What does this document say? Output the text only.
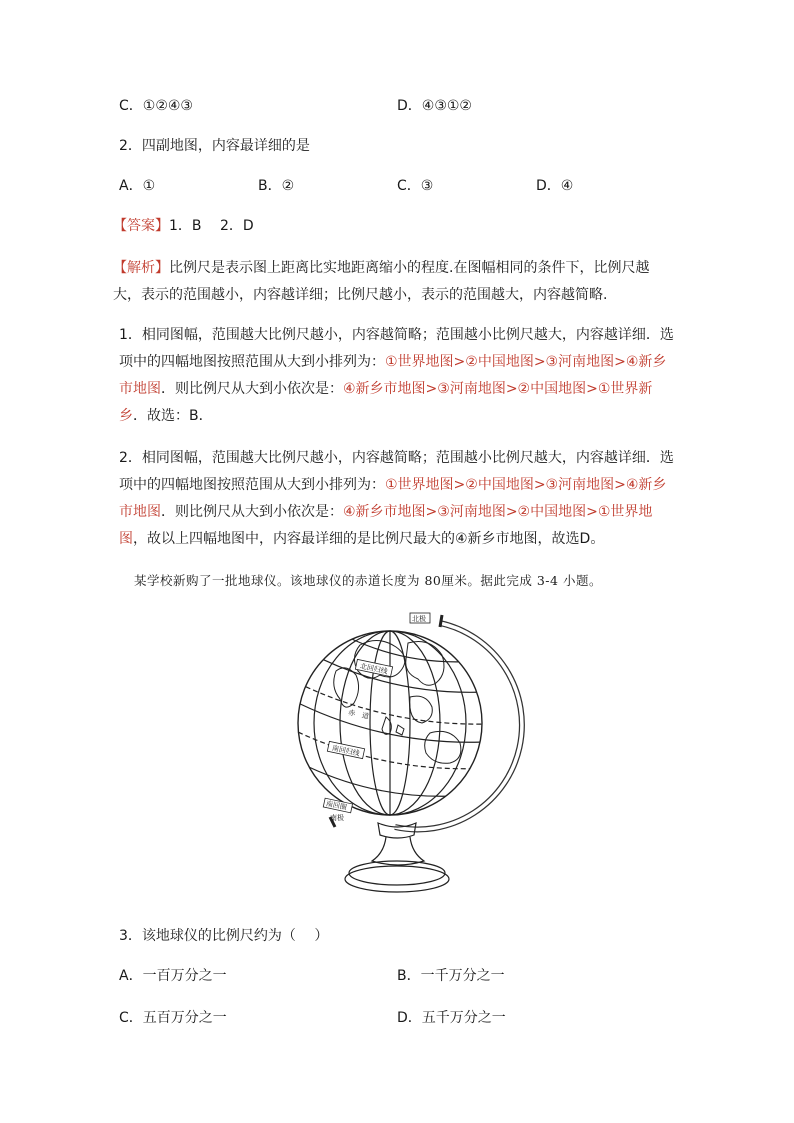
C．①②④③	D．④③①②
2．四副地图，内容最详细的是
A．①	B．②	C．③	D．④
【答案】1．B　 2．D
【解析】比例尺是表示图上距离比实地距离缩小的程度.在图幅相同的条件下，比例尺越大，表示的范围越小，内容越详细；比例尺越小，表示的范围越大，内容越简略.
1．相同图幅，范围越大比例尺越小，内容越简略；范围越小比例尺越大，内容越详细．选项中的四幅地图按照范围从大到小排列为：①世界地图>②中国地图>③河南地图>④新乡市地图．则比例尺从大到小依次是：④新乡市地图>③河南地图>②中国地图>①世界新乡．故选：B．
2．相同图幅，范围越大比例尺越小，内容越简略；范围越小比例尺越大，内容越详细．选项中的四幅地图按照范围从大到小排列为：①世界地图>②中国地图>③河南地图>④新乡市地图．则比例尺从大到小依次是：④新乡市地图>③河南地图>②中国地图>①世界地图，故以上四幅地图中，内容最详细的是比例尺最大的④新乡市地图，故选D。
某学校新购了一批地球仪。该地球仪的赤道长度为 80厘米。据此完成 3-4 小题。
北极
北回归线
赤　道
南回归线
南回圈
南极
3．该地球仪的比例尺约为（　 ）
A．一百万分之一	B．一千万分之一
C．五百万分之一	D．五千万分之一
